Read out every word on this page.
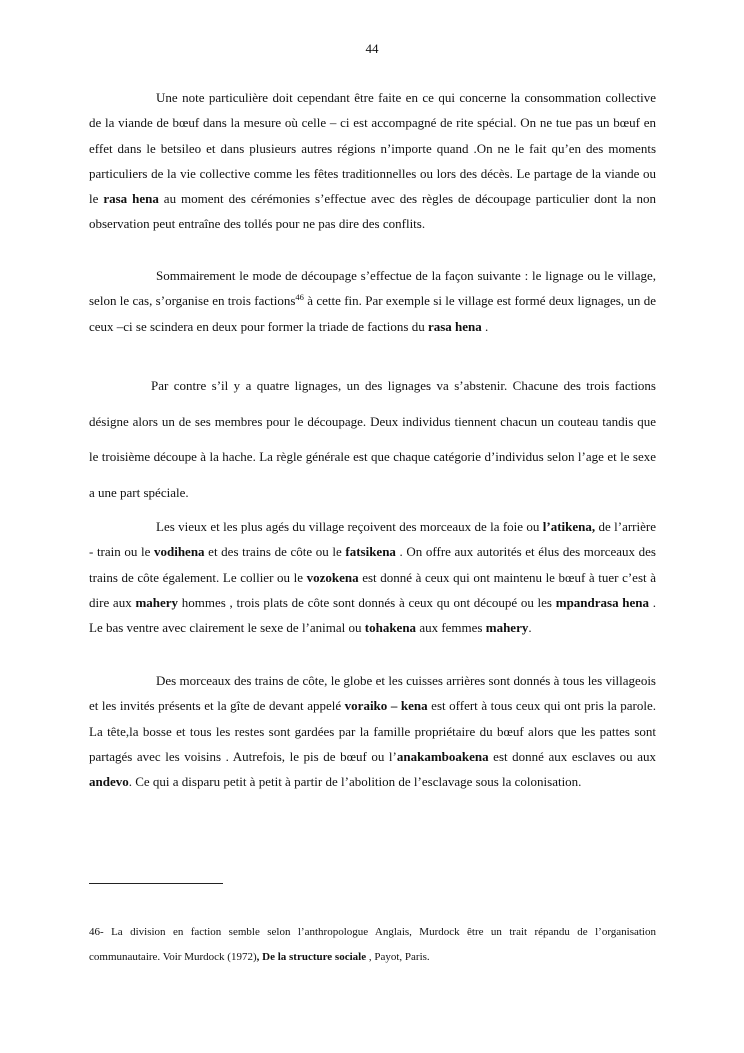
44

Une note particulière doit cependant être faite en ce qui concerne la consommation collective de la viande de bœuf dans la mesure où celle – ci est accompagné de rite spécial. On ne tue pas un bœuf en effet dans le betsileo et dans plusieurs autres régions n’importe quand .On ne le fait qu’en des moments particuliers de la vie collective comme les fêtes traditionnelles ou lors des décès. Le partage de la viande ou le rasa hena au moment des cérémonies s’effectue avec des règles de découpage particulier dont la non observation peut entraîne des tollés pour ne pas dire des conflits.

Sommairement le mode de découpage s’effectue de la façon suivante : le lignage ou le village, selon le cas, s’organise en trois factions$^{46}$ à cette fin. Par exemple si le village est formé deux lignages, un de ceux –ci se scindera en deux pour former la triade de factions du rasa hena .

Par contre s’il y a quatre lignages, un des lignages va s’abstenir. Chacune des trois factions désigne alors un de ses membres pour le découpage. Deux individus tiennent chacun un couteau tandis que le troisième découpe à la hache. La règle générale est que chaque catégorie d’individus selon l’age et le sexe a une part spéciale.

Les vieux et les plus agés du village reçoivent des morceaux de la foie ou l’atikena, de l’arrière - train ou le vodihena et des trains de côte ou le fatsikena . On offre aux autorités et élus des morceaux des trains de côte également. Le collier ou le vozokena est donné à ceux qui ont maintenu le bœuf à tuer c’est à dire aux mahery hommes , trois plats de côte sont donnés à ceux qu ont découpé ou les mpandrasa hena . Le bas ventre avec clairement le sexe de l’animal ou tohakena aux femmes mahery.

Des morceaux des trains de côte, le globe et les cuisses arrières sont donnés à tous les villageois et les invités présents et la gîte de devant appelé voraiko – kena est offert à tous ceux qui ont pris la parole. La tête,la bosse et tous les restes sont gardées par la famille propriétaire du bœuf alors que les pattes sont partagés avec les voisins . Autrefois, le pis de bœuf ou l’anakamboakena est donné aux esclaves ou aux andevo. Ce qui a disparu petit à petit à partir de l’abolition de l’esclavage sous la colonisation.

46- La division en faction semble selon l’anthropologue Anglais, Murdock être un trait répandu de l’organisation communautaire. Voir Murdock (1972), De la structure sociale , Payot, Paris.
